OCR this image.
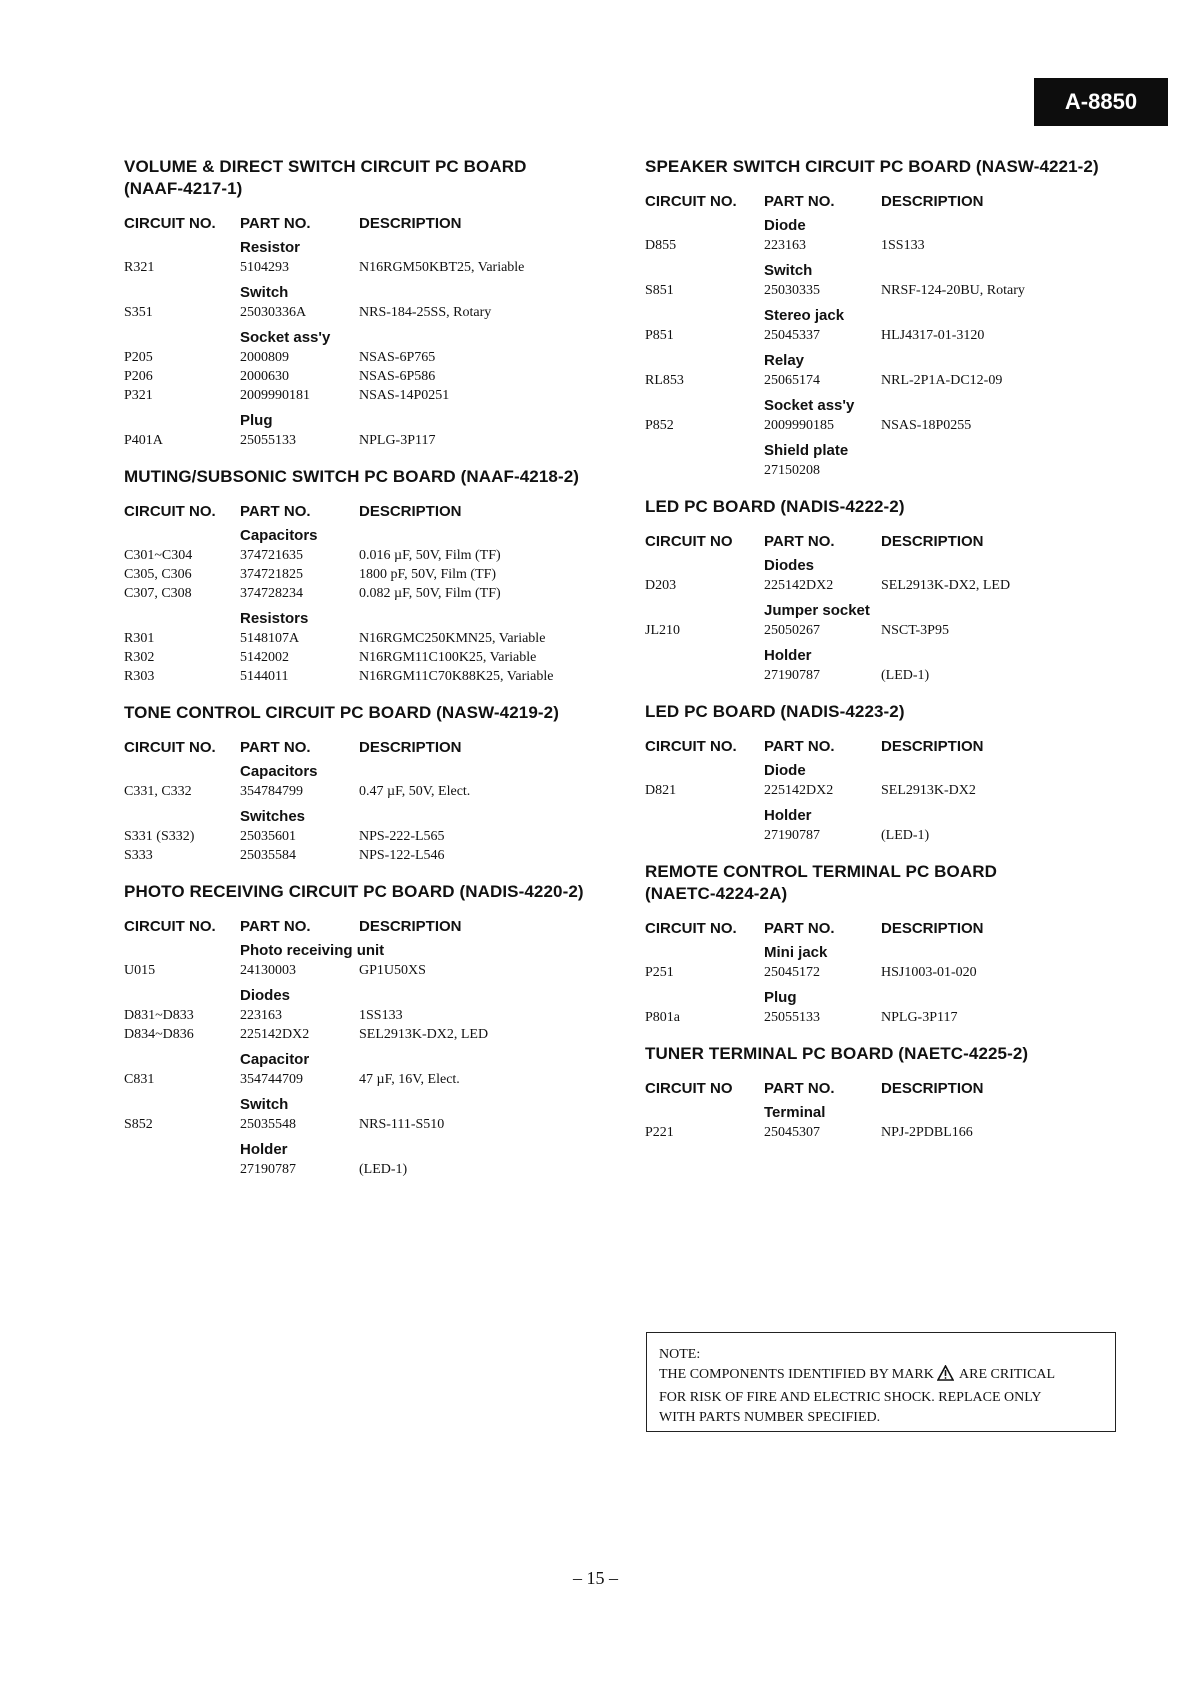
A-8850
VOLUME & DIRECT SWITCH CIRCUIT PC BOARD
(NAAF-4217-1)
CIRCUIT NO.	PART NO.	DESCRIPTION
Resistor
R321	5104293	N16RGM50KBT25, Variable
Switch
S351	25030336A	NRS-184-25SS, Rotary
Socket ass'y
P205	2000809	NSAS-6P765
P206	2000630	NSAS-6P586
P321	2009990181	NSAS-14P0251
Plug
P401A	25055133	NPLG-3P117
MUTING/SUBSONIC SWITCH PC BOARD (NAAF-4218-2)
CIRCUIT NO.	PART NO.	DESCRIPTION
Capacitors
C301~C304	374721635	0.016 µF, 50V, Film (TF)
C305, C306	374721825	1800 pF, 50V, Film (TF)
C307, C308	374728234	0.082 µF, 50V, Film (TF)
Resistors
R301	5148107A	N16RGMC250KMN25, Variable
R302	5142002	N16RGM11C100K25, Variable
R303	5144011	N16RGM11C70K88K25, Variable
TONE CONTROL CIRCUIT PC BOARD (NASW-4219-2)
CIRCUIT NO.	PART NO.	DESCRIPTION
Capacitors
C331, C332	354784799	0.47 µF, 50V, Elect.
Switches
S331 (S332)	25035601	NPS-222-L565
S333	25035584	NPS-122-L546
PHOTO RECEIVING CIRCUIT PC BOARD (NADIS-4220-2)
CIRCUIT NO.	PART NO.	DESCRIPTION
Photo receiving unit
U015	24130003	GP1U50XS
Diodes
D831~D833	223163	1SS133
D834~D836	225142DX2	SEL2913K-DX2, LED
Capacitor
C831	354744709	47 µF, 16V, Elect.
Switch
S852	25035548	NRS-111-S510
Holder
27190787	(LED-1)
SPEAKER SWITCH CIRCUIT PC BOARD (NASW-4221-2)
CIRCUIT NO.	PART NO.	DESCRIPTION
Diode
D855	223163	1SS133
Switch
S851	25030335	NRSF-124-20BU, Rotary
Stereo jack
P851	25045337	HLJ4317-01-3120
Relay
RL853	25065174	NRL-2P1A-DC12-09
Socket ass'y
P852	2009990185	NSAS-18P0255
Shield plate
27150208
LED PC BOARD (NADIS-4222-2)
CIRCUIT NO	PART NO.	DESCRIPTION
Diodes
D203	225142DX2	SEL2913K-DX2, LED
Jumper socket
JL210	25050267	NSCT-3P95
Holder
27190787	(LED-1)
LED PC BOARD (NADIS-4223-2)
CIRCUIT NO.	PART NO.	DESCRIPTION
Diode
D821	225142DX2	SEL2913K-DX2
Holder
27190787	(LED-1)
REMOTE CONTROL TERMINAL PC BOARD
(NAETC-4224-2A)
CIRCUIT NO.	PART NO.	DESCRIPTION
Mini jack
P251	25045172	HSJ1003-01-020
Plug
P801a	25055133	NPLG-3P117
TUNER TERMINAL PC BOARD (NAETC-4225-2)
CIRCUIT NO	PART NO.	DESCRIPTION
Terminal
P221	25045307	NPJ-2PDBL166
NOTE:
THE COMPONENTS IDENTIFIED BY MARK ARE CRITICAL
FOR RISK OF FIRE AND ELECTRIC SHOCK. REPLACE ONLY
WITH PARTS NUMBER SPECIFIED.
– 15 –
